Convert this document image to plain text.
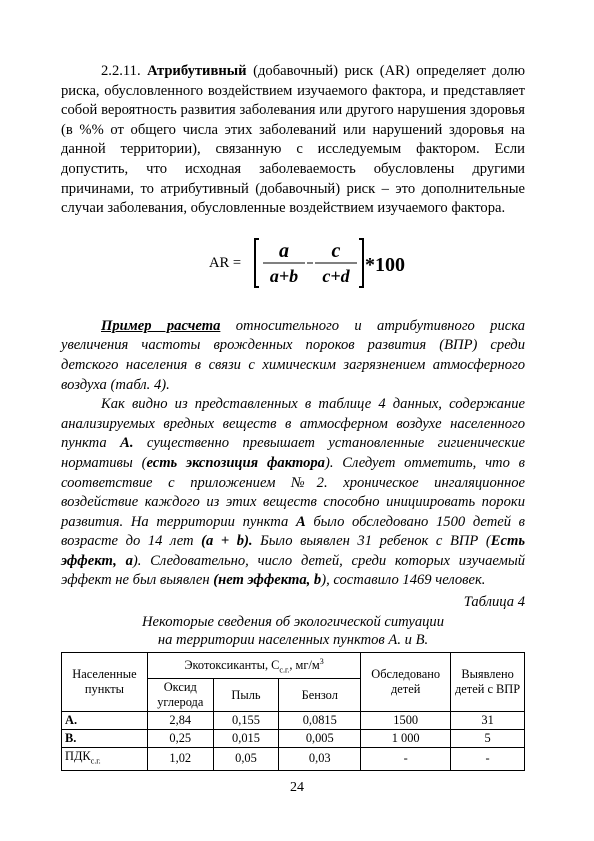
2.2.11. Атрибутивный (добавочный) риск (AR) определяет долю риска, обусловленного воздействием изучаемого фактора, и представляет собой вероятность развития заболевания или другого нарушения здоровья (в %% от общего числа этих заболеваний или нарушений здоровья на данной территории), связанную с исследуемым фактором. Если допустить, что исходная заболеваемость обусловлены другими причинами, то атрибутивный (добавочный) риск – это дополнительные случаи заболевания, обусловленные воздействием изучаемого фактора.

AR =
a
a+b
c
c+d *100

Пример расчета относительного и атрибутивного риска увеличения частоты врожденных пороков развития (ВПР) среди детского населения в связи с химическим загрязнением атмосферного воздуха (табл. 4).

Как видно из представленных в таблице 4 данных, содержание анализируемых вредных веществ в атмосферном воздухе населенного пункта А. существенно превышает установленные гигиенические нормативы (есть экспозиция фактора). Следует отметить, что в соответствие с приложением №2. хроническое ингаляционное воздействие каждого из этих веществ способно инициировать пороки развития. На территории пункта А было обследовано 1500 детей в возрасте до 14 лет (a + b). Было выявлен 31 ребенок с ВПР (Есть эффект, a). Следовательно, число детей, среди которых изучаемый эффект не был выявлен (нет эффекта, b), составило 1469 человек.

Таблица 4
Некоторые сведения об экологической ситуации
на территории населенных пунктов А. и В.
Населенные пункты	Экотоксиканты, $С_{с.г.}$, $мг/м^3$			Обследовано детей	Выявлено детей с ВПР
	Оксид углерода	Пыль	Бензол		
А.	2,84	0,155	0,0815	1500	31
В.	0,25	0,015	0,005	1 000	5
$ПДК_{с.г.}$	1,02	0,05	0,03	-	-
24
